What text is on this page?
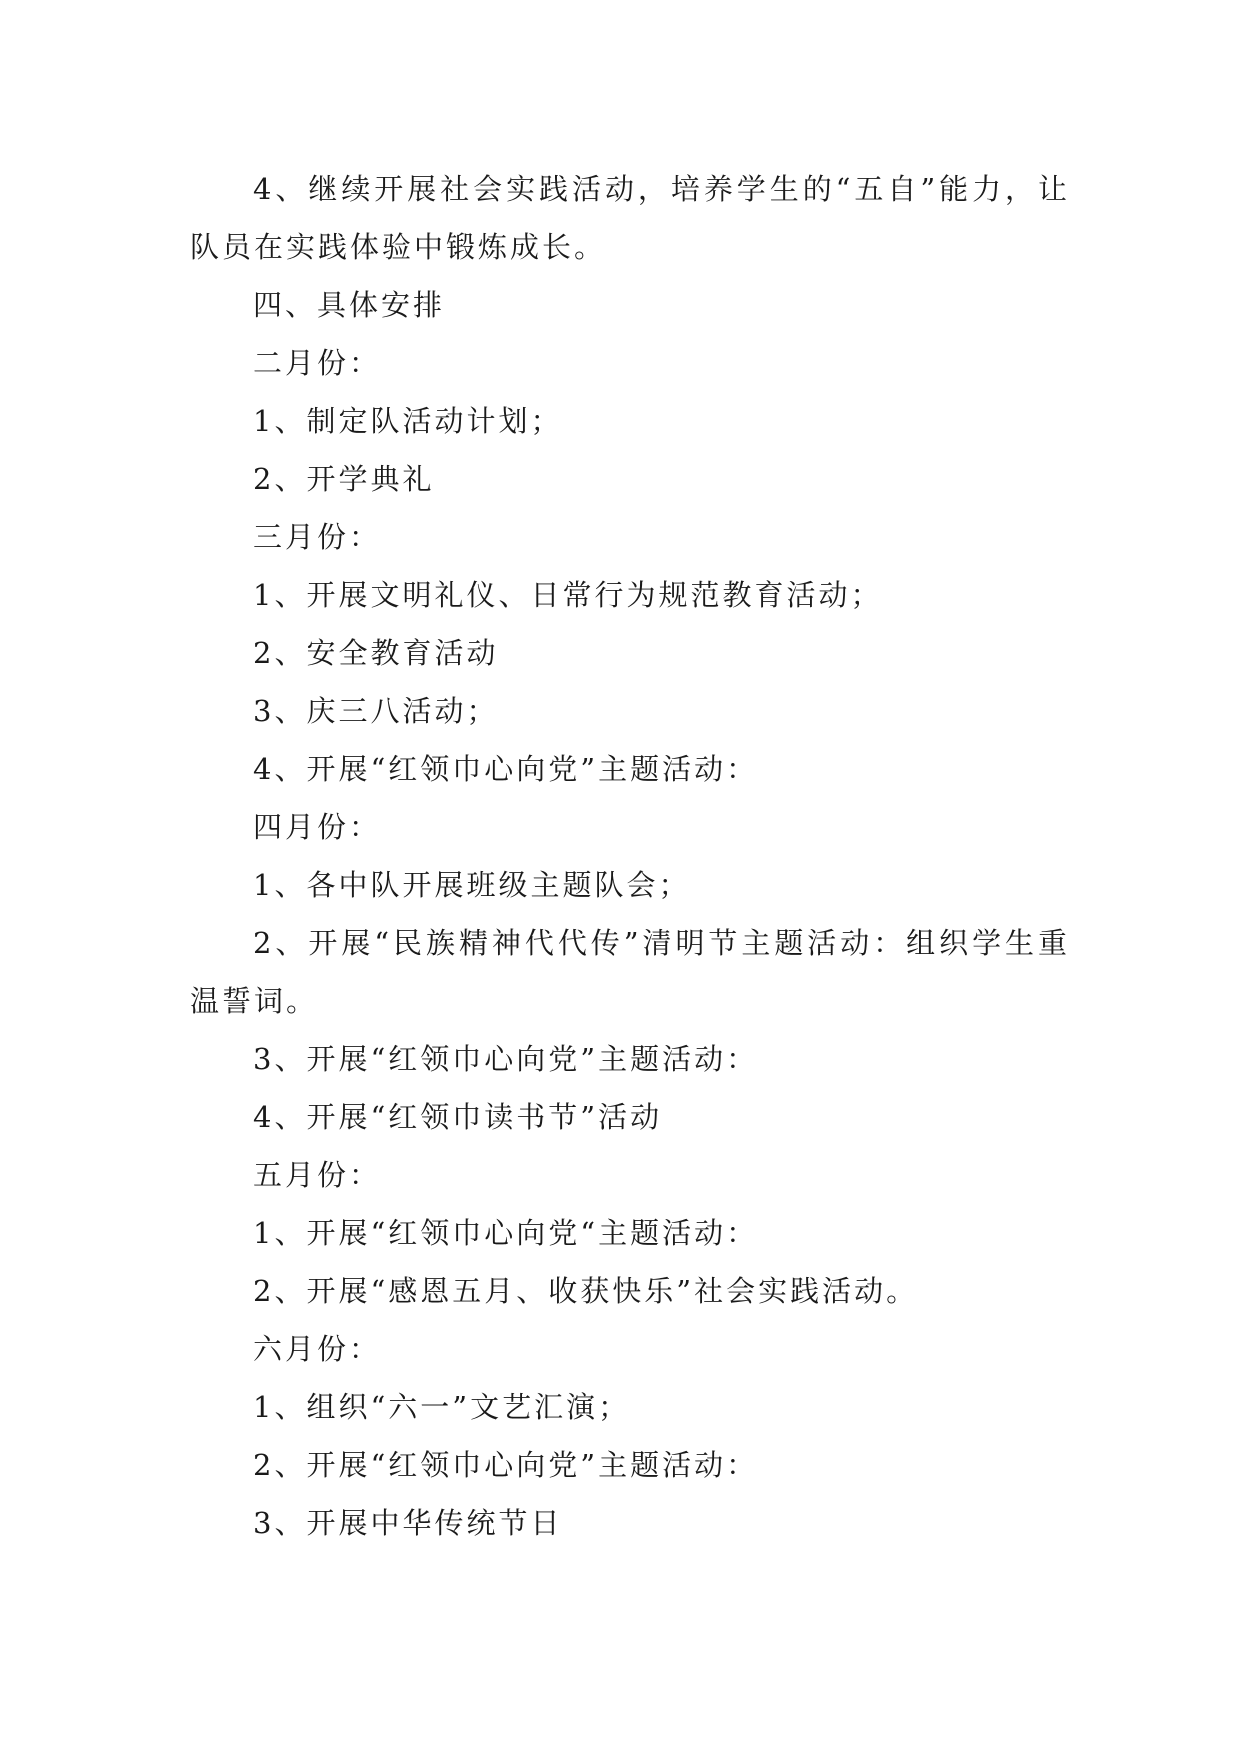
4、继续开展社会实践活动，培养学生的“五自”能力，让队员在实践体验中锻炼成长。

四、具体安排

二月份：

1、制定队活动计划；

2、开学典礼

三月份：

1、开展文明礼仪、日常行为规范教育活动；

2、安全教育活动

3、庆三八活动；

4、开展“红领巾心向党”主题活动：

四月份：

1、各中队开展班级主题队会；

2、开展“民族精神代代传”清明节主题活动：组织学生重温誓词。

3、开展“红领巾心向党”主题活动：

4、开展“红领巾读书节”活动

五月份：

1、开展“红领巾心向党“主题活动：

2、开展“感恩五月、收获快乐”社会实践活动。

六月份：

1、组织“六一”文艺汇演；

2、开展“红领巾心向党”主题活动：

3、开展中华传统节日
